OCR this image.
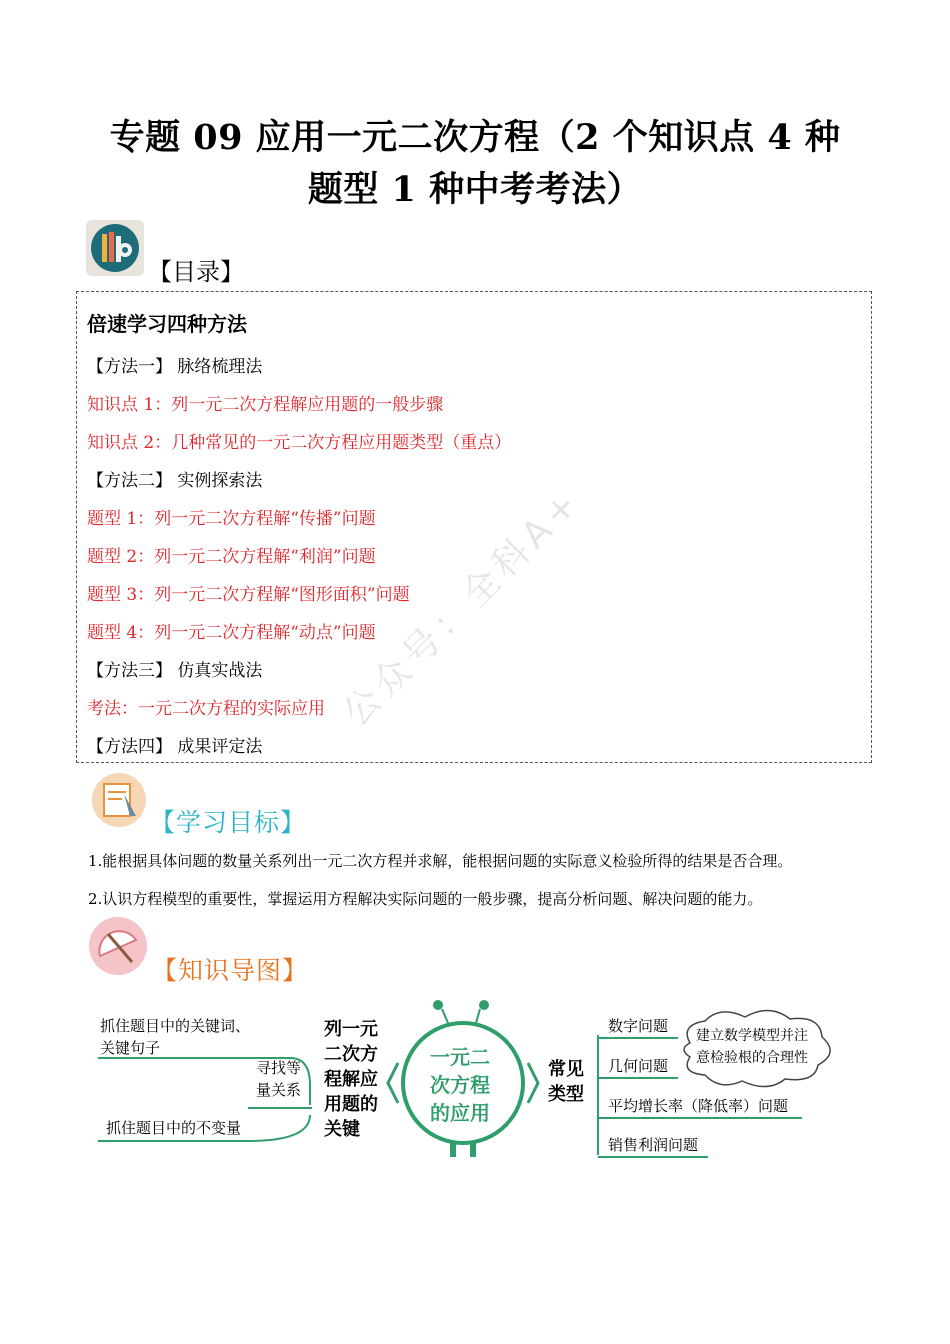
专题 09 应用一元二次方程（2 个知识点 4 种
题型 1 种中考考法）
【目录】
倍速学习四种方法
【方法一】 脉络梳理法
知识点 1：列一元二次方程解应用题的一般步骤
知识点 2：几种常见的一元二次方程应用题类型（重点）
【方法二】 实例探索法
题型 1：列一元二次方程解“传播”问题
题型 2：列一元二次方程解“利润”问题
题型 3：列一元二次方程解“图形面积”问题
题型 4：列一元二次方程解“动点”问题
【方法三】 仿真实战法
考法：一元二次方程的实际应用
【方法四】 成果评定法
【学习目标】
1.能根据具体问题的数量关系列出一元二次方程并求解，能根据问题的实际意义检验所得的结果是否合理。
2.认识方程模型的重要性，掌握运用方程解决实际问题的一般步骤，提高分析问题、解决问题的能力。
【知识导图】
抓住题目中的关键词、
关键句子
抓住题目中的不变量
寻找等
量关系
列一元
二次方
程解应
用题的
关键
一元二
次方程
的应用
常见
类型
数字问题
几何问题
平均增长率（降低率）问题
销售利润问题
建立数学模型并注
意检验根的合理性
公众号：全科A+
